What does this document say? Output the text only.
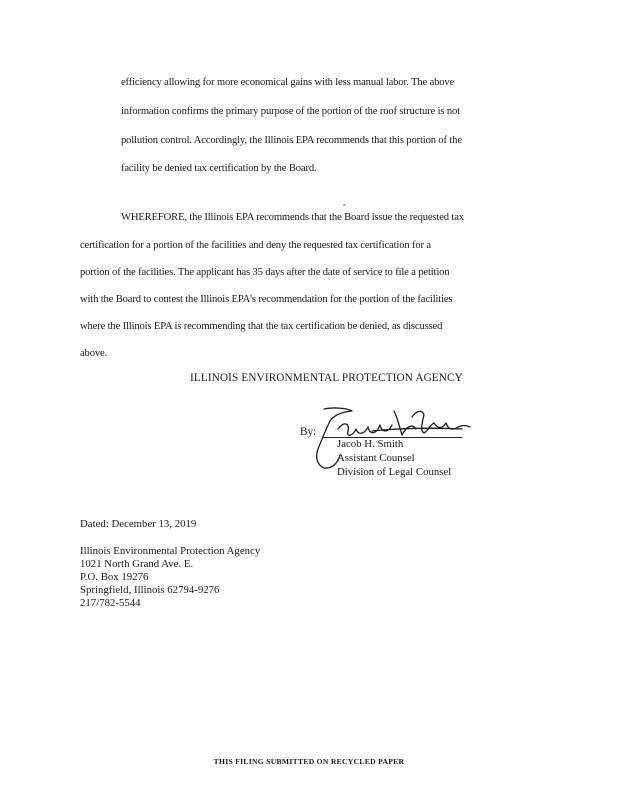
efficiency allowing for more economical gains with less manual labor. The above
information confirms the primary purpose of the portion of the roof structure is not
pollution control. Accordingly, the Illinois EPA recommends that this portion of the
facility be denied tax certification by the Board.
WHEREFORE, the Illinois EPA recommends that the Board issue the requested tax
certification for a portion of the facilities and deny the requested tax certification for a
portion of the facilities. The applicant has 35 days after the date of service to file a petition
with the Board to contest the Illinois EPA's recommendation for the portion of the facilities
where the Illinois EPA is recommending that the tax certification be denied, as discussed
above.
ILLINOIS ENVIRONMENTAL PROTECTION AGENCY
By:
Jacob H. Smith
Assistant Counsel
Division of Legal Counsel
Dated: December 13, 2019
Illinois Environmental Protection Agency
1021 North Grand Ave. E.
P.O. Box 19276
Springfield, Illinois 62794-9276
217/782-5544
THIS FILING SUBMITTED ON RECYCLED PAPER
